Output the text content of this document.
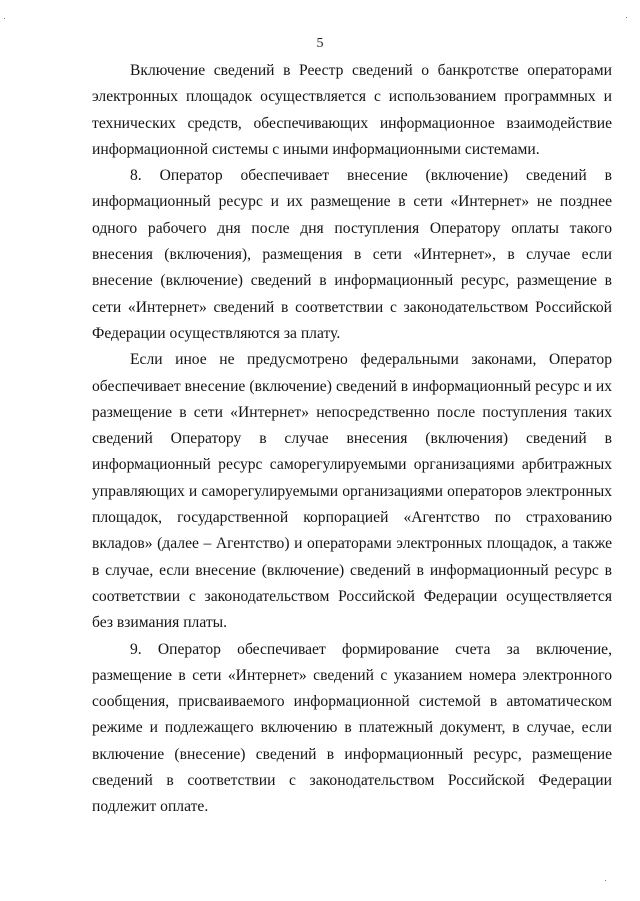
5

Включение сведений в Реестр сведений о банкротстве операторами электронных площадок осуществляется с использованием программных и технических средств, обеспечивающих информационное взаимодействие информационной системы с иными информационными системами.

8. Оператор обеспечивает внесение (включение) сведений в информационный ресурс и их размещение в сети «Интернет» не позднее одного рабочего дня после дня поступления Оператору оплаты такого внесения (включения), размещения в сети «Интернет», в случае если внесение (включение) сведений в информационный ресурс, размещение в сети «Интернет» сведений в соответствии с законодательством Российской Федерации осуществляются за плату.

Если иное не предусмотрено федеральными законами, Оператор обеспечивает внесение (включение) сведений в информационный ресурс и их размещение в сети «Интернет» непосредственно после поступления таких сведений Оператору в случае внесения (включения) сведений в информационный ресурс саморегулируемыми организациями арбитражных управляющих и саморегулируемыми организациями операторов электронных площадок, государственной корпорацией «Агентство по страхованию вкладов» (далее – Агентство) и операторами электронных площадок, а также в случае, если внесение (включение) сведений в информационный ресурс в соответствии с законодательством Российской Федерации осуществляется без взимания платы.

9. Оператор обеспечивает формирование счета за включение, размещение в сети «Интернет» сведений с указанием номера электронного сообщения, присваиваемого информационной системой в автоматическом режиме и подлежащего включению в платежный документ, в случае, если включение (внесение) сведений в информационный ресурс, размещение сведений в соответствии с законодательством Российской Федерации подлежит оплате.
